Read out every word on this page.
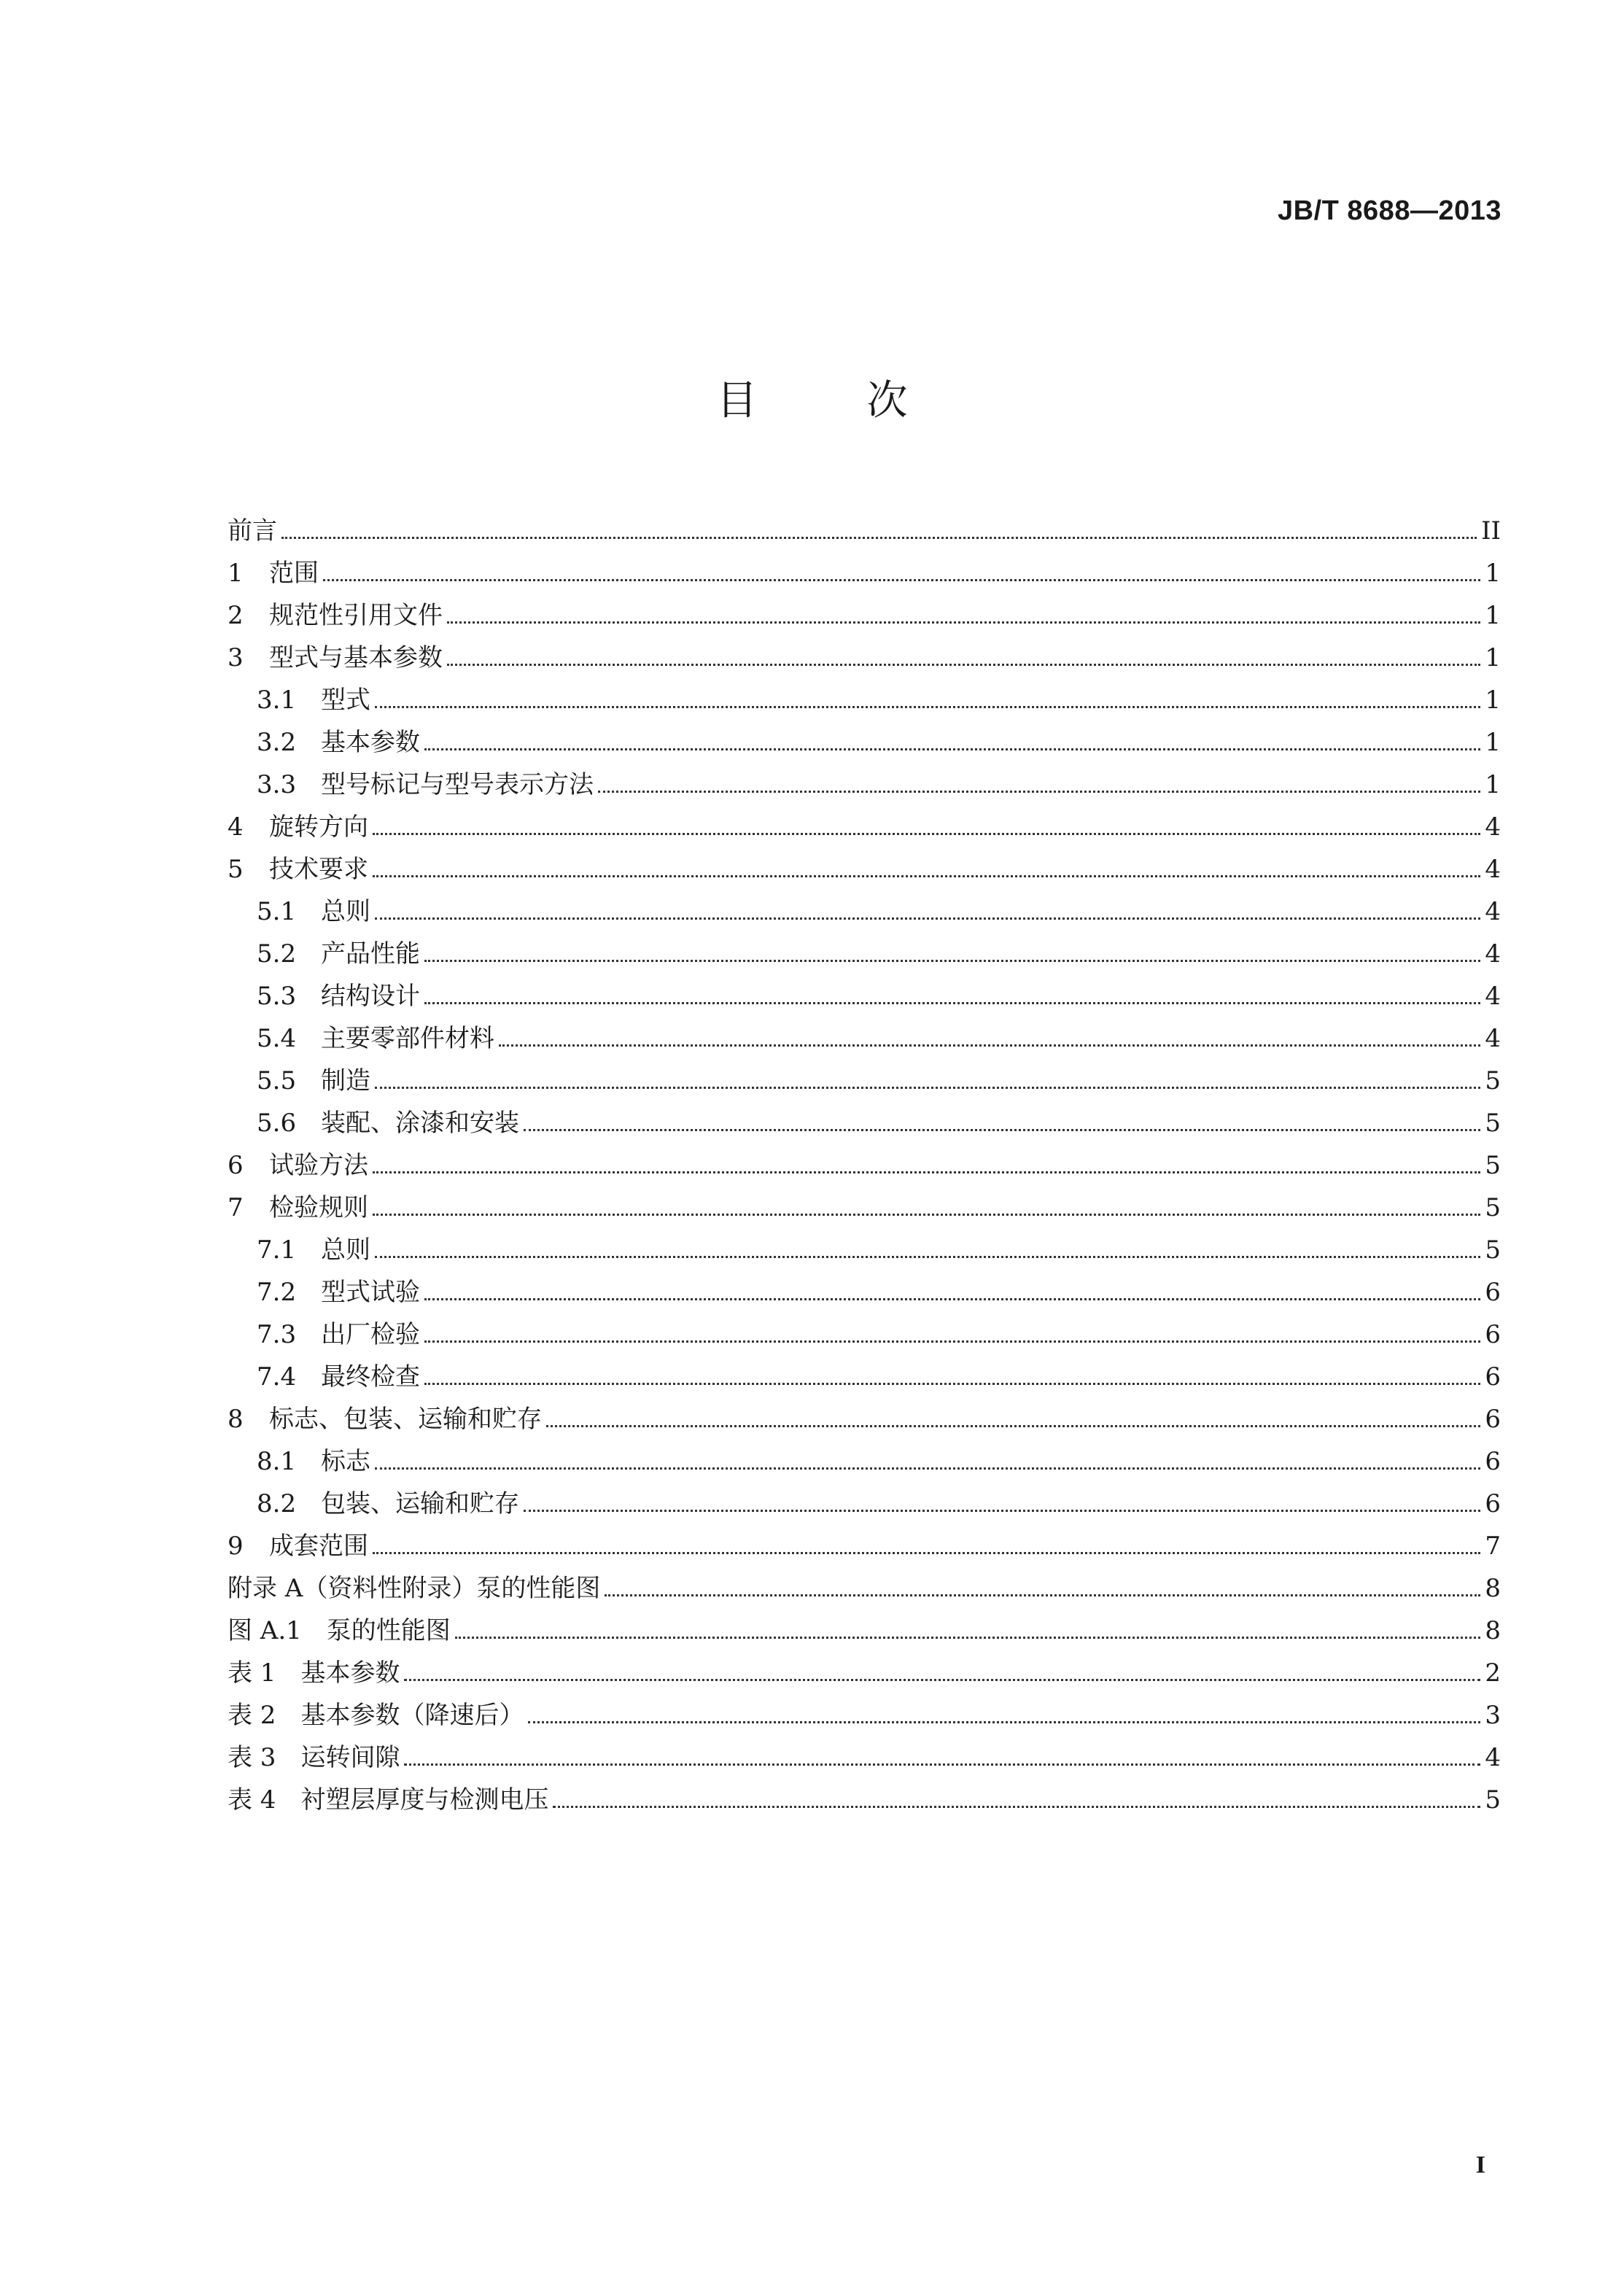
JB/T 8688—2013
目次
前言	II
1	范围	1
2	规范性引用文件	1
3	型式与基本参数	1
3.1 型式	1
3.2 基本参数	1
3.3 型号标记与型号表示方法	1
4	旋转方向	4
5	技术要求	4
5.1 总则	4
5.2 产品性能	4
5.3 结构设计	4
5.4 主要零部件材料	4
5.5 制造	5
5.6 装配、涂漆和安装	5
6	试验方法	5
7	检验规则	5
7.1 总则	5
7.2 型式试验	6
7.3 出厂检验	6
7.4 最终检查	6
8	标志、包装、运输和贮存	6
8.1 标志	6
8.2 包装、运输和贮存	6
9	成套范围	7
附录 A（资料性附录）泵的性能图	8
图 A.1　泵的性能图	8
表 1　基本参数	2
表 2　基本参数（降速后）	3
表 3　运转间隙	4
表 4　衬塑层厚度与检测电压	5
I
